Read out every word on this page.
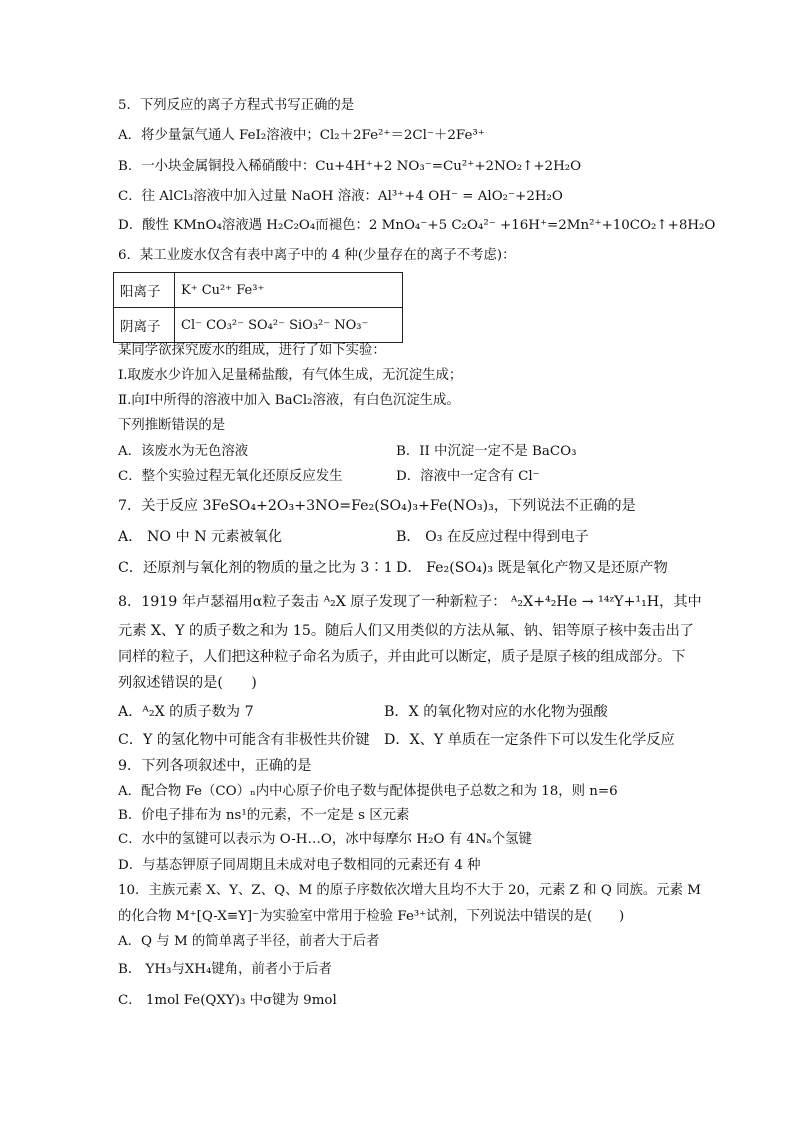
5．下列反应的离子方程式书写正确的是
A．将少量氯气通人 FeI₂溶液中；Cl₂＋2Fe²⁺＝2Cl⁻＋2Fe³⁺
B．一小块金属铜投入稀硝酸中：Cu+4H⁺+2 NO₃⁻=Cu²⁺+2NO₂↑+2H₂O
C．往 AlCl₃溶液中加入过量 NaOH 溶液：Al³⁺+4 OH⁻ = AlO₂⁻+2H₂O
D．酸性 KMnO₄溶液遇 H₂C₂O₄而褪色：2 MnO₄⁻+5 C₂O₄²⁻ +16H⁺=2Mn²⁺+10CO₂↑+8H₂O
6．某工业废水仅含有表中离子中的 4 种(少量存在的离子不考虑)：
阳离子	K⁺ Cu²⁺ Fe³⁺
阴离子	Cl⁻ CO₃²⁻ SO₄²⁻ SiO₃²⁻ NO₃⁻
某同学欲探究废水的组成，进行了如下实验：
Ⅰ.取废水少许加入足量稀盐酸，有气体生成，无沉淀生成；
Ⅱ.向Ⅰ中所得的溶液中加入 BaCl₂溶液，有白色沉淀生成。
下列推断错误的是
A．该废水为无色溶液	B．II 中沉淀一定不是 BaCO₃
C．整个实验过程无氧化还原反应发生	D．溶液中一定含有 Cl⁻
7．关于反应 3FeSO₄+2O₃+3NO=Fe₂(SO₄)₃+Fe(NO₃)₃，下列说法不正确的是
A． NO 中 N 元素被氧化	B． O₃ 在反应过程中得到电子
C．还原剂与氧化剂的物质的量之比为 3∶1 D． Fe₂(SO₄)₃ 既是氧化产物又是还原产物
8．1919 年卢瑟福用α粒子轰击 ᴬ₂X 原子发现了一种新粒子： ᴬ₂X+⁴₂He → ¹⁴ᶻY+¹₁H，其中
元素 X、Y 的质子数之和为 15。随后人们又用类似的方法从氟、钠、铝等原子核中轰击出了
同样的粒子，人们把这种粒子命名为质子，并由此可以断定，质子是原子核的组成部分。下
列叙述错误的是(　　)
A．ᴬ₂X 的质子数为 7	B．X 的氧化物对应的水化物为强酸
C．Y 的氢化物中可能含有非极性共价键 D．X、Y 单质在一定条件下可以发生化学反应
9．下列各项叙述中，正确的是
A．配合物 Fe（CO）ₙ内中心原子价电子数与配体提供电子总数之和为 18，则 n=6
B．价电子排布为 ns¹的元素，不一定是 s 区元素
C．水中的氢键可以表示为 O-H…O，冰中每摩尔 H₂O 有 4Nₐ个氢键
D．与基态钾原子同周期且未成对电子数相同的元素还有 4 种
10．主族元素 X、Y、Z、Q、M 的原子序数依次增大且均不大于 20，元素 Z 和 Q 同族。元素 M
的化合物 M⁺[Q-X≡Y]⁻为实验室中常用于检验 Fe³⁺试剂，下列说法中错误的是(　　)
A．Q 与 M 的简单离子半径，前者大于后者
B． YH₃与XH₄键角，前者小于后者
C． 1mol Fe(QXY)₃ 中σ键为 9mol
